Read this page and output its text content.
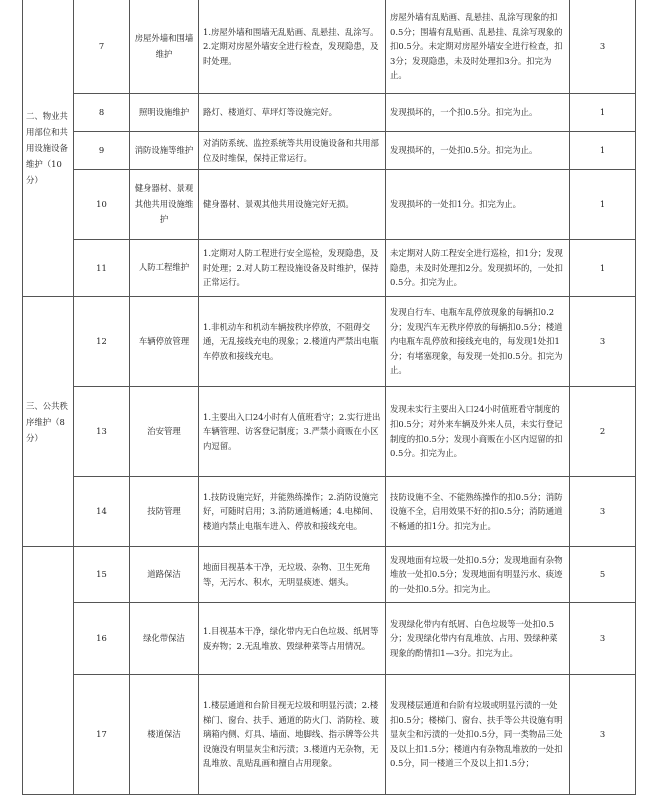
二、物业共用部位和共用设施设备维护（10分）	7	房屋外墙和围墙维护	1.房屋外墙和围墙无乱贴画、乱悬挂、乱涂写。 2.定期对房屋外墙安全进行检查，发现隐患，及时处理。	房屋外墙有乱贴画、乱悬挂、乱涂写现象的扣0.5分；围墙有乱贴画、乱悬挂、乱涂写现象的扣0.5分。未定期对房屋外墙安全进行检查，扣3分；发现隐患，未及时处理扣3分。扣完为止。	3
	8	照明设施维护	路灯、楼道灯、草坪灯等设施完好。	发现损坏的，一个扣0.5分。扣完为止。	1
	9	消防设施等维护	对消防系统、监控系统等共用设施设备和共用部位及时维保，保持正常运行。	发现损坏的，一处扣0.5分。扣完为止。	1
	10	健身器材、景观其他共用设施维护	健身器材、景观其他共用设施完好无损。	发现损坏的一处扣1分。扣完为止。	1
	11	人防工程维护	1.定期对人防工程进行安全巡检，发现隐患，及时处理；2.对人防工程设施设备及时维护，保持正常运行。	未定期对人防工程安全进行巡检，扣1分；发现隐患，未及时处理扣2分。发现损坏的，一处扣0.5分。扣完为止。	1
三、公共秩序维护（8分）	12	车辆停放管理	1.非机动车和机动车辆按秩序停放，不阻碍交通，无乱接线充电的现象；2.楼道内严禁出电瓶车停放和接线充电。	发现自行车、电瓶车乱停放现象的每辆扣0.2分；发现汽车无秩序停放的每辆扣0.5分；楼道内电瓶车乱停放和接线充电的，每发现1处扣1分；有堵塞现象，每发现一处扣0.5分。扣完为止。	3
	13	治安管理	1.主要出入口24小时有人值班看守；2.实行进出车辆管理、访客登记制度；3.严禁小商贩在小区内逗留。	发现未实行主要出入口24小时值班看守制度的扣0.5分；对外来车辆及外来人员，未实行登记制度的扣0.5分；发现小商贩在小区内逗留的扣0.5分。扣完为止。	2
	14	技防管理	1.技防设施完好，并能熟练操作；2.消防设施完好，可随时启用；3.消防通道畅通；4.电梯间、楼道内禁止电瓶车进入、停放和接线充电。	技防设施不全、不能熟练操作的扣0.5分；消防设施不全，启用效果不好的扣0.5分；消防通道不畅通的扣1分。扣完为止。	3
	15	道路保洁	地面目视基本干净，无垃圾、杂物、卫生死角等，无污水、积水，无明显痰迹、烟头。	发现地面有垃圾一处扣0.5分；发现地面有杂物堆放一处扣0.5分；发现地面有明显污水、痰迹的一处扣0.5分。扣完为止。	5
	16	绿化带保洁	1.目视基本干净，绿化带内无白色垃圾、纸屑等废弃物；2.无乱堆放、毁绿种菜等占用情况。	发现绿化带内有纸屑、白色垃圾等一处扣0.5分；发现绿化带内有乱堆放、占用、毁绿种菜现象的酌情扣1—3分。扣完为止。	3
	17	楼道保洁	1.楼层通道和台阶目视无垃圾和明显污渍；2.楼梯门、窗台、扶手、通道的防火门、消防栓、玻璃箱内侧、灯具、墙面、地脚线、指示牌等公共设施没有明显灰尘和污渍；3.楼道内无杂物，无乱堆放、乱贴乱画和擅自占用现象。	发现楼层通道和台阶有垃圾或明显污渍的一处扣0.5分；楼梯门、窗台、扶手等公共设施有明显灰尘和污渍的一处扣0.5分，同一类物品三处及以上扣1.5分；楼道内有杂物乱堆放的一处扣0.5分，同一楼道三个及以上扣1.5分；	3
